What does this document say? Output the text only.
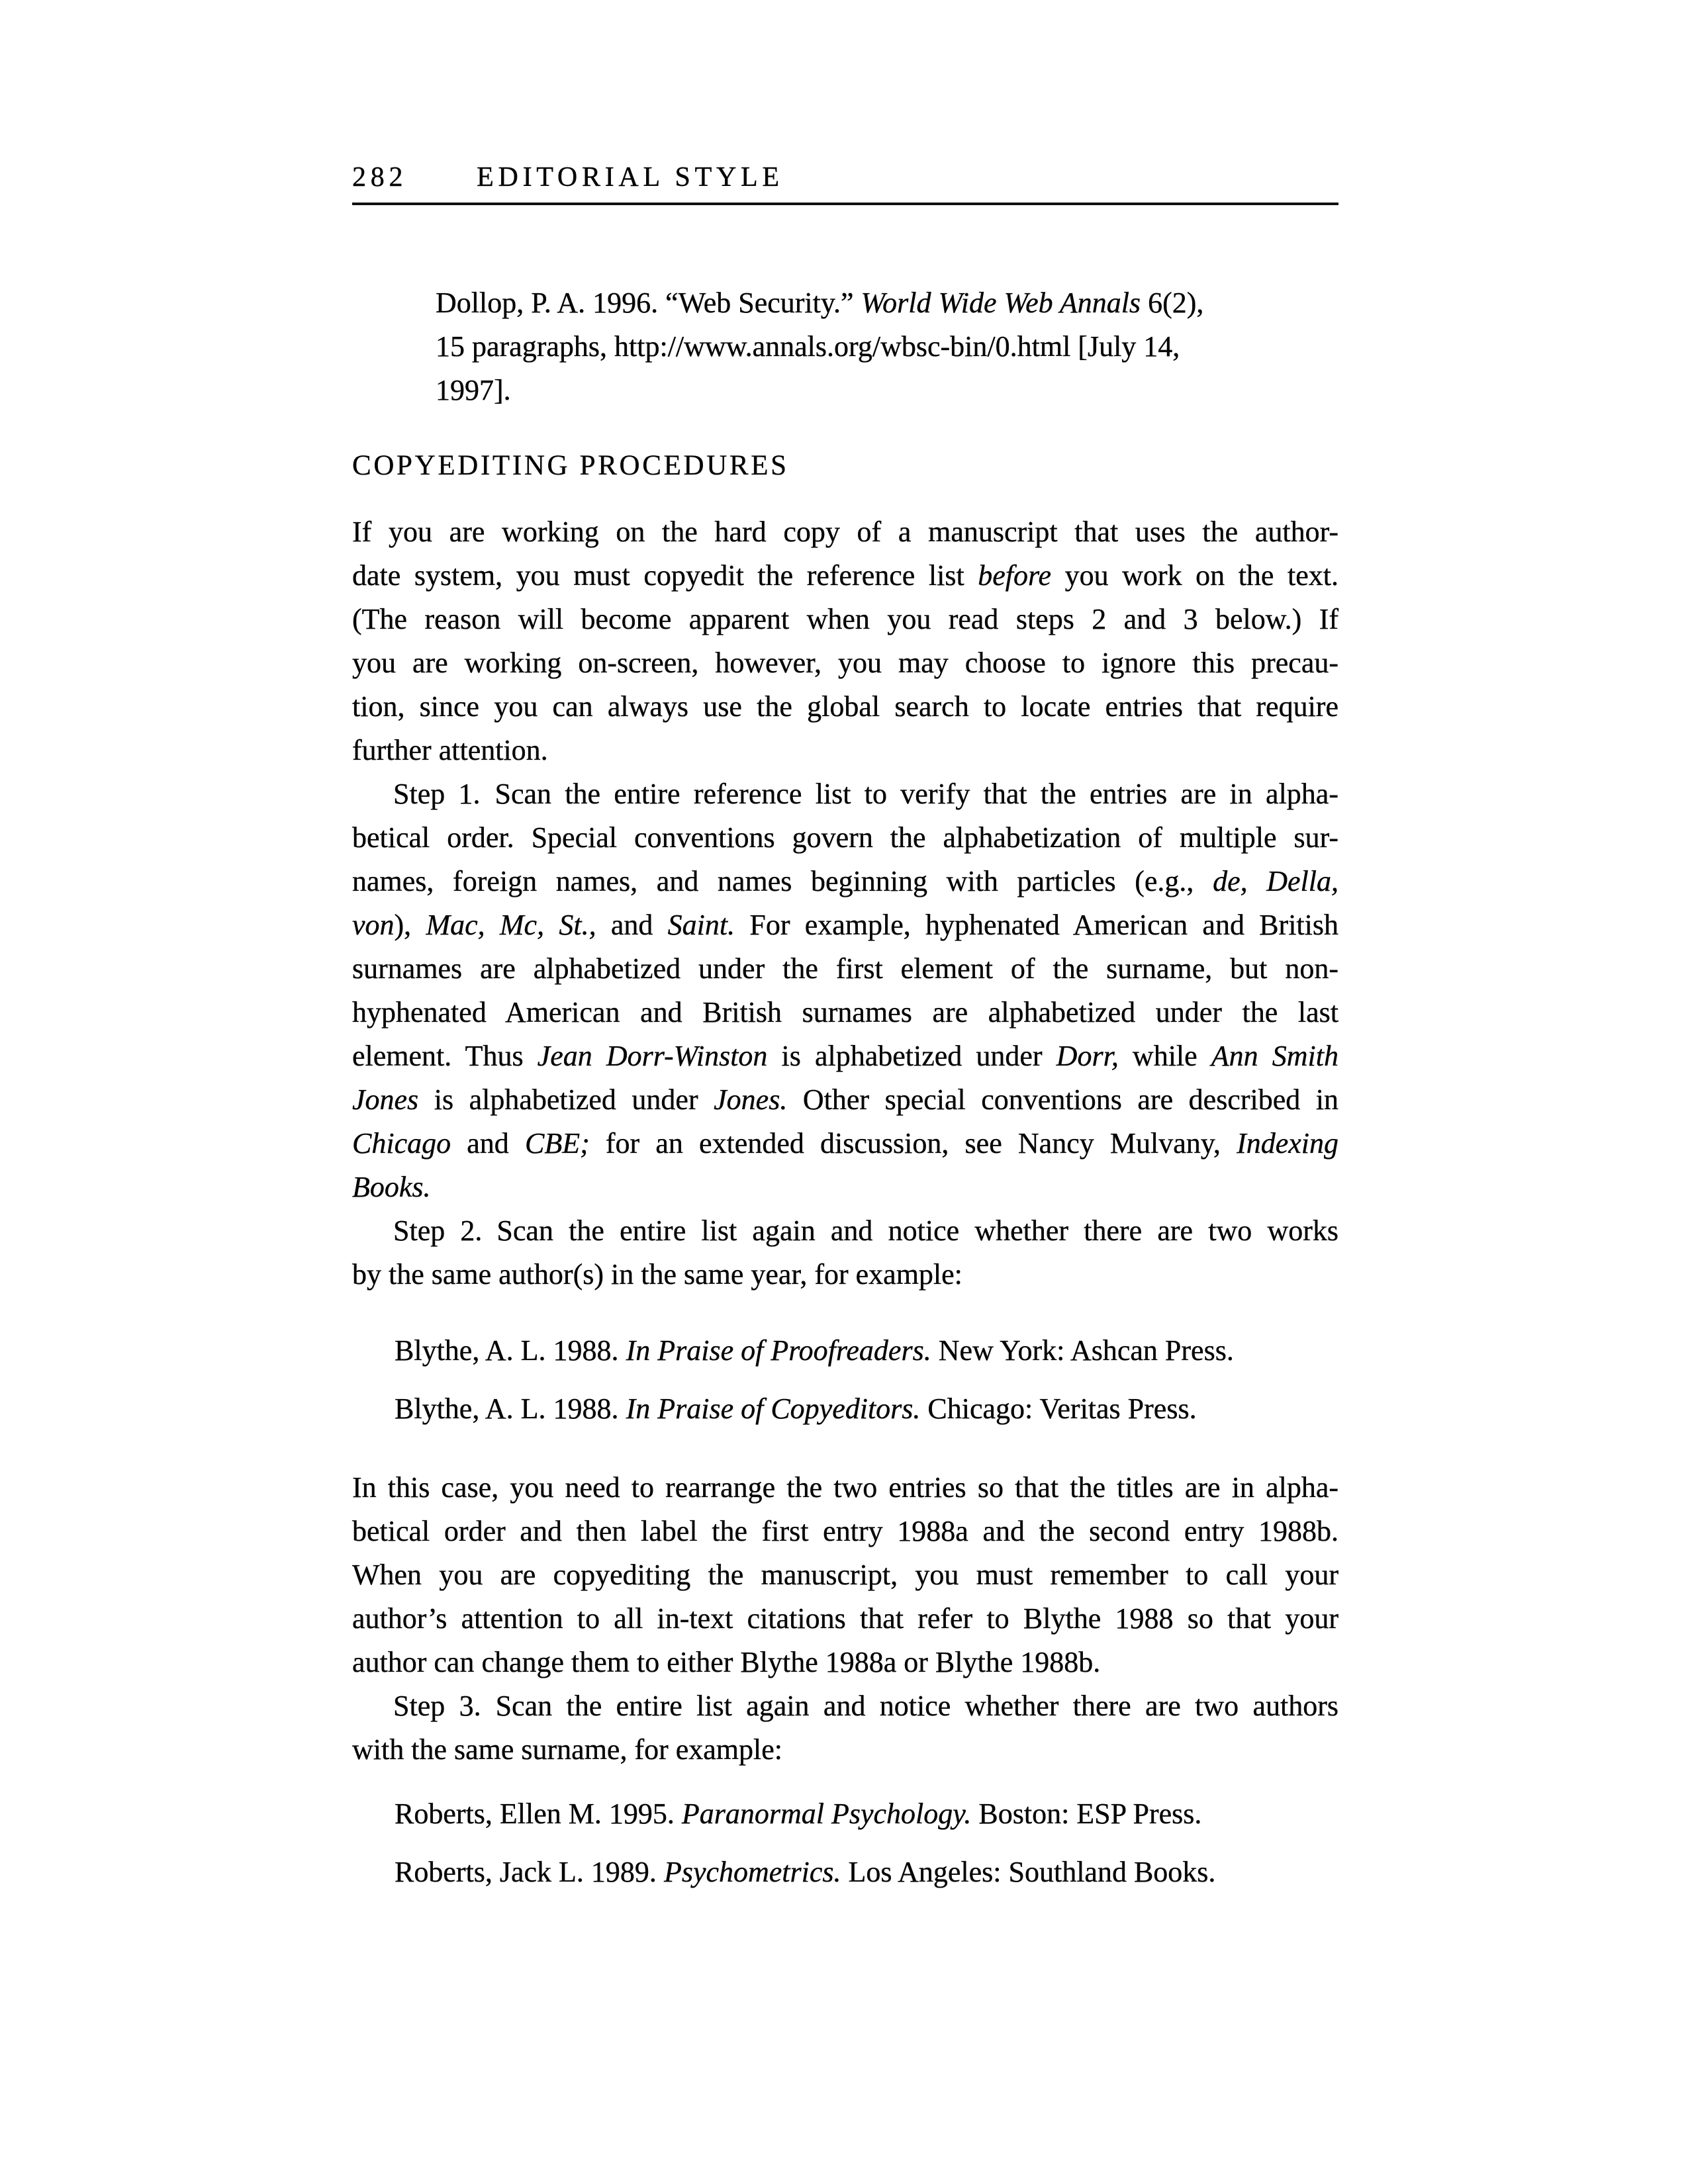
282	EDITORIAL STYLE
Dollop, P. A. 1996. “Web Security.” World Wide Web Annals 6(2),
15 paragraphs, http://www.annals.org/wbsc-bin/0.html [July 14,
1997].
COPYEDITING PROCEDURES
If you are working on the hard copy of a manuscript that uses the author-
date system, you must copyedit the reference list before you work on the text.
(The reason will become apparent when you read steps 2 and 3 below.) If
you are working on-screen, however, you may choose to ignore this precau-
tion, since you can always use the global search to locate entries that require
further attention.
Step 1. Scan the entire reference list to verify that the entries are in alpha-
betical order. Special conventions govern the alphabetization of multiple sur-
names, foreign names, and names beginning with particles (e.g., de, Della,
von), Mac, Mc, St., and Saint. For example, hyphenated American and British
surnames are alphabetized under the first element of the surname, but non-
hyphenated American and British surnames are alphabetized under the last
element. Thus Jean Dorr-Winston is alphabetized under Dorr, while Ann Smith
Jones is alphabetized under Jones. Other special conventions are described in
Chicago and CBE; for an extended discussion, see Nancy Mulvany, Indexing
Books.
Step 2. Scan the entire list again and notice whether there are two works
by the same author(s) in the same year, for example:
Blythe, A. L. 1988. In Praise of Proofreaders. New York: Ashcan Press.
Blythe, A. L. 1988. In Praise of Copyeditors. Chicago: Veritas Press.
In this case, you need to rearrange the two entries so that the titles are in alpha-
betical order and then label the first entry 1988a and the second entry 1988b.
When you are copyediting the manuscript, you must remember to call your
author’s attention to all in-text citations that refer to Blythe 1988 so that your
author can change them to either Blythe 1988a or Blythe 1988b.
Step 3. Scan the entire list again and notice whether there are two authors
with the same surname, for example:
Roberts, Ellen M. 1995. Paranormal Psychology. Boston: ESP Press.
Roberts, Jack L. 1989. Psychometrics. Los Angeles: Southland Books.
